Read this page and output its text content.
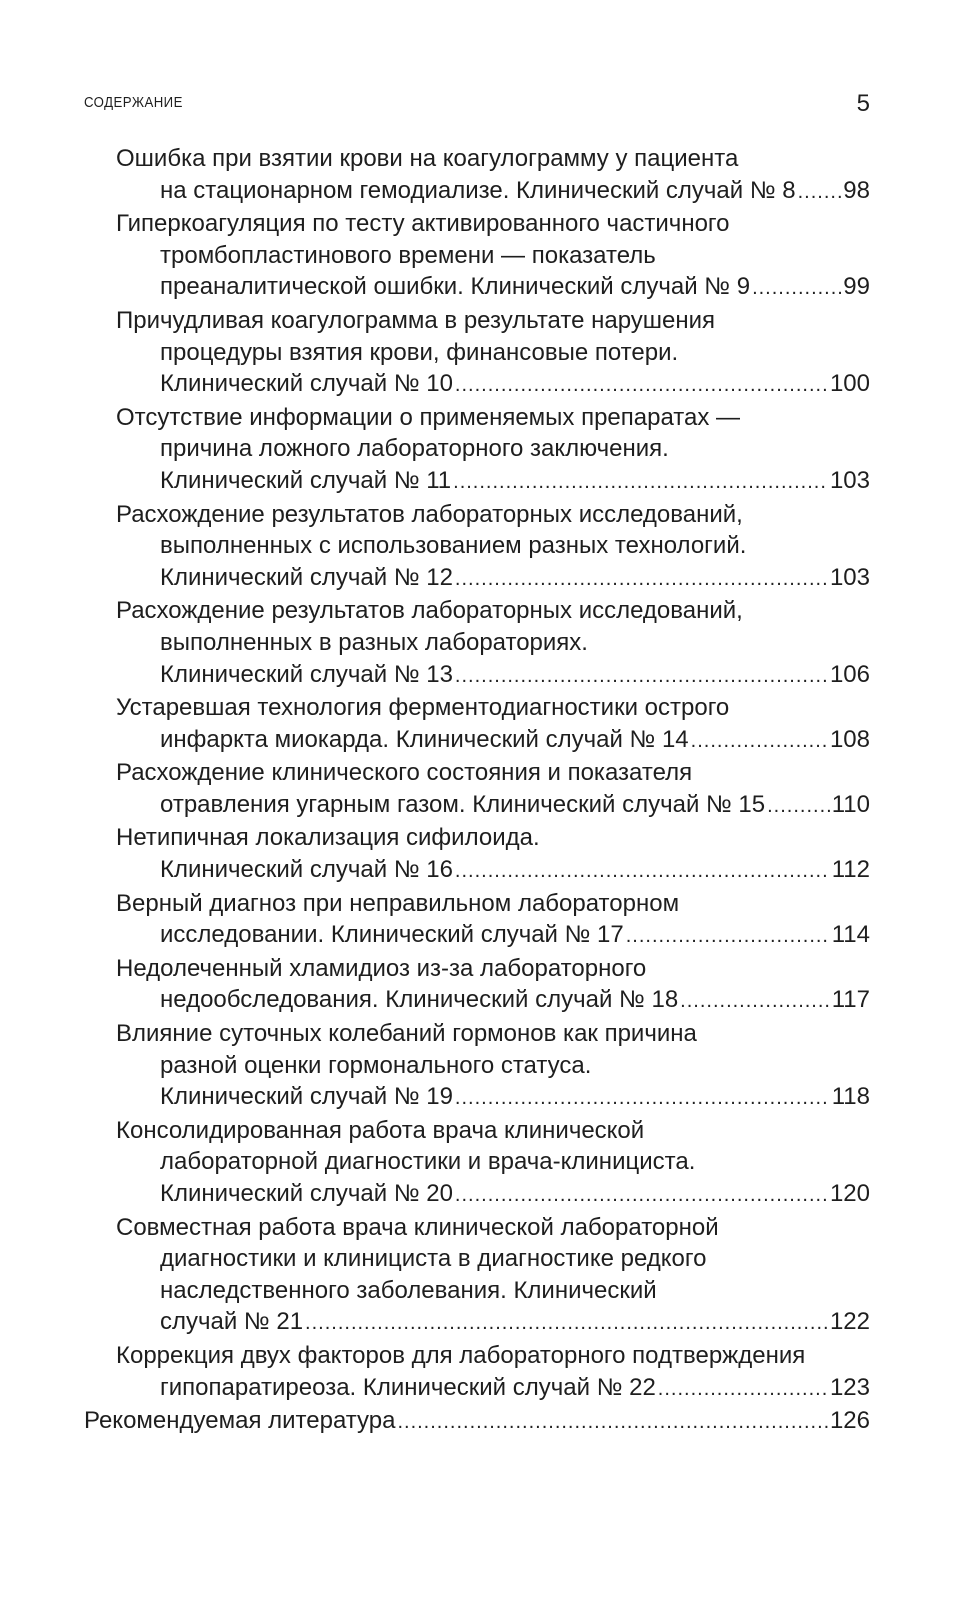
СОДЕРЖАНИЕ	5
Ошибка при взятии крови на коагулограмму у пациента
на стационарном гемодиализе. Клинический случай № 8 ..... 98
Гиперкоагуляция по тесту активированного частичного
тромбопластинового времени — показатель
преаналитической ошибки. Клинический случай № 9 .....	99
Причудливая коагулограмма в результате нарушения
процедуры взятия крови, финансовые потери.
Клинический случай № 10 .....	100
Отсутствие информации о применяемых препаратах —
причина ложного лабораторного заключения.
Клинический случай № 11 .....	103
Расхождение результатов лабораторных исследований,
выполненных с использованием разных технологий.
Клинический случай № 12 .....	103
Расхождение результатов лабораторных исследований,
выполненных в разных лабораториях.
Клинический случай № 13 .....	106
Устаревшая технология ферментодиагностики острого
инфаркта миокарда. Клинический случай № 14 .....	108
Расхождение клинического состояния и показателя
отравления угарным газом. Клинический случай № 15 .....	110
Нетипичная локализация сифилоида.
Клинический случай № 16 .....	112
Верный диагноз при неправильном лабораторном
исследовании. Клинический случай № 17 .....	114
Недолеченный хламидиоз из-за лабораторного
недообследования. Клинический случай № 18 .....	117
Влияние суточных колебаний гормонов как причина
разной оценки гормонального статуса.
Клинический случай № 19 .....	118
Консолидированная работа врача клинической
лабораторной диагностики и врача-клинициста.
Клинический случай № 20 .....	120
Совместная работа врача клинической лабораторной
диагностики и клинициста в диагностике редкого
наследственного заболевания. Клинический
случай № 21 .....	122
Коррекция двух факторов для лабораторного подтверждения
гипопаратиреоза. Клинический случай № 22 .....	123
Рекомендуемая литература .....	126
